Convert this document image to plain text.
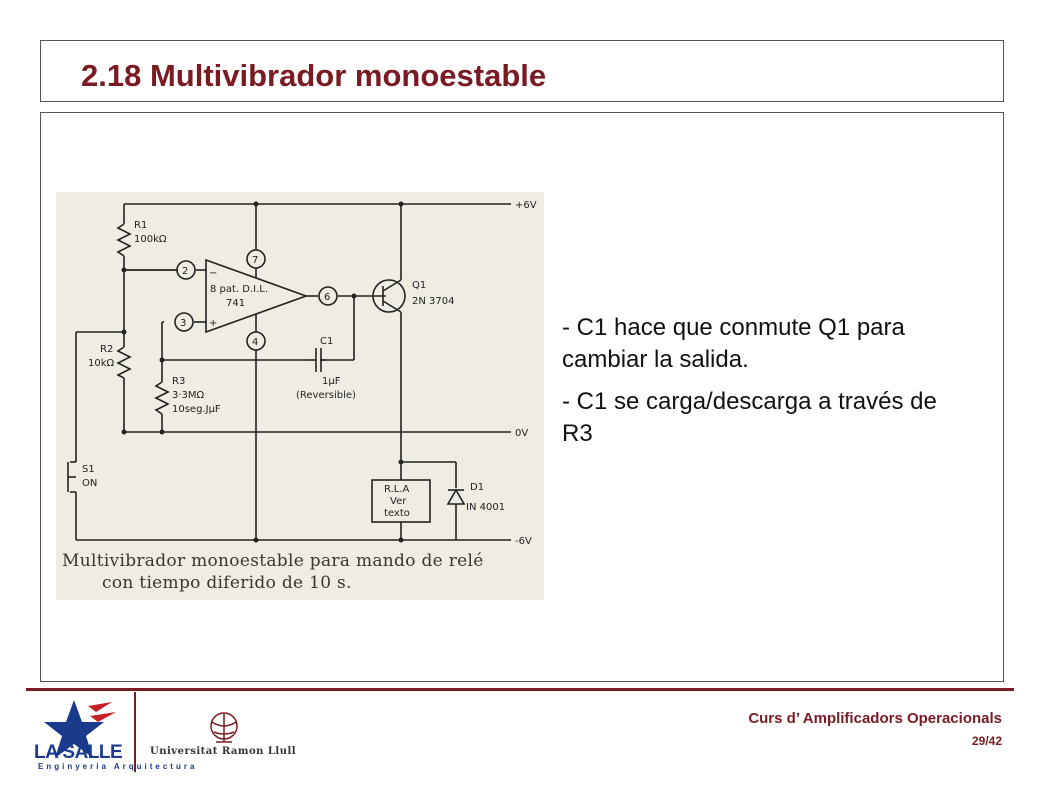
2.18 Multivibrador monoestable
+6V
0V
-6V
R1
100kΩ
R2
10kΩ
R3
3·3MΩ
10seg.JμF
C1
1μF
(Reversible)
8 pat. D.I.L.
741
−
+
Q1
2N 3704
S1
ON
R.L.A
Ver
texto
D1
IN 4001
2
3
4
6
7
Multivibrador monoestable para mando de relé
con tiempo diferido de 10 s.

- C1 hace que conmute Q1 para cambiar la salida.

- C1 se carga/descarga a través de R3

LA SALLE
Enginyeria Arquitectura
Universitat Ramon Llull
Curs d’ Amplificadors Operacionals
29/42
